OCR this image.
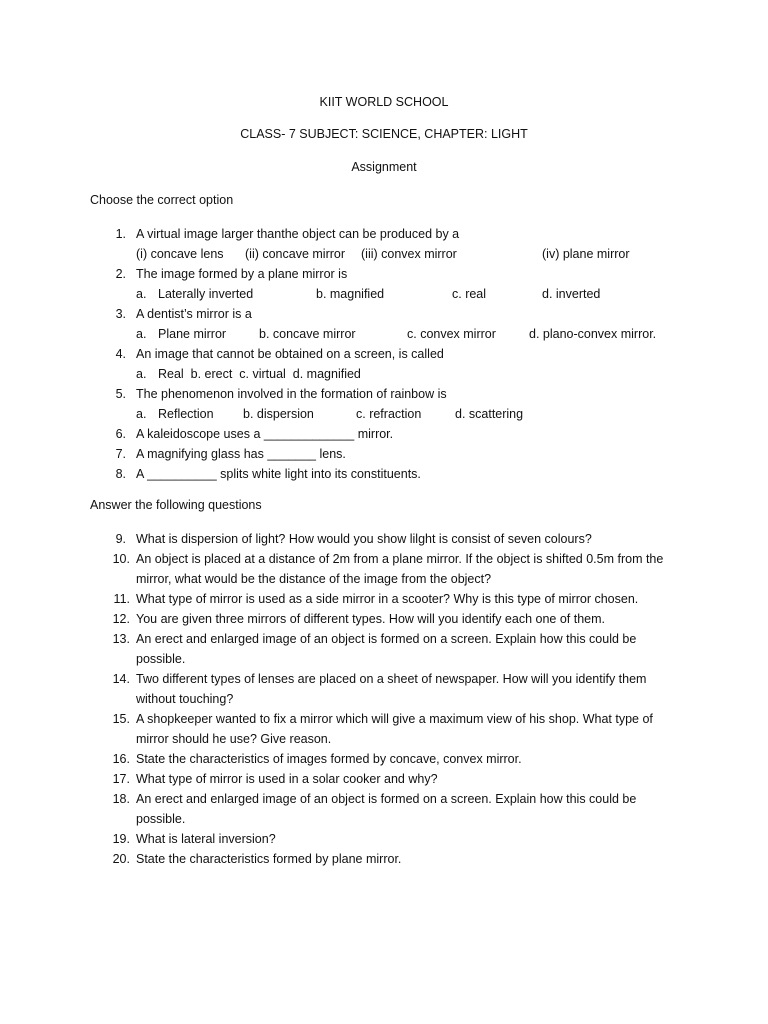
KIIT WORLD SCHOOL
CLASS- 7 SUBJECT: SCIENCE, CHAPTER: LIGHT
Assignment
Choose the correct option
1. A virtual image larger thanthe object can be produced by a
(i) concave lens (ii) concave mirror (iii) convex mirror	(iv) plane mirror
2. The image formed by a plane mirror is
a. Laterally inverted	b. magnified	c. real	d. inverted
3. A dentist’s mirror is a
a. Plane mirror	b. concave mirror	c. convex mirror	d. plano-convex mirror.
4. An image that cannot be obtained on a screen, is called
a. Real  b. erect  c. virtual  d. magnified
5. The phenomenon involved in the formation of rainbow is
a. Reflection b. dispersion	c. refraction	d. scattering
6. A kaleidoscope uses a _____________ mirror.
7. A magnifying glass has _______ lens.
8. A __________ splits white light into its constituents.
Answer the following questions
9. What is dispersion of light? How would you show lilght is consist of seven colours?
10. An object is placed at a distance of 2m from a plane mirror. If the object is shifted 0.5m from the
mirror, what would be the distance of the image from the object?
11. What type of mirror is used as a side mirror in a scooter? Why is this type of mirror chosen.
12. You are given three mirrors of different types. How will you identify each one of them.
13. An erect and enlarged image of an object is formed on a screen. Explain how this could be
possible.
14. Two different types of lenses are placed on a sheet of newspaper. How will you identify them
without touching?
15. A shopkeeper wanted to fix a mirror which will give a maximum view of his shop. What type of
mirror should he use? Give reason.
16. State the characteristics of images formed by concave, convex mirror.
17. What type of mirror is used in a solar cooker and why?
18. An erect and enlarged image of an object is formed on a screen. Explain how this could be
possible.
19. What is lateral inversion?
20. State the characteristics formed by plane mirror.
